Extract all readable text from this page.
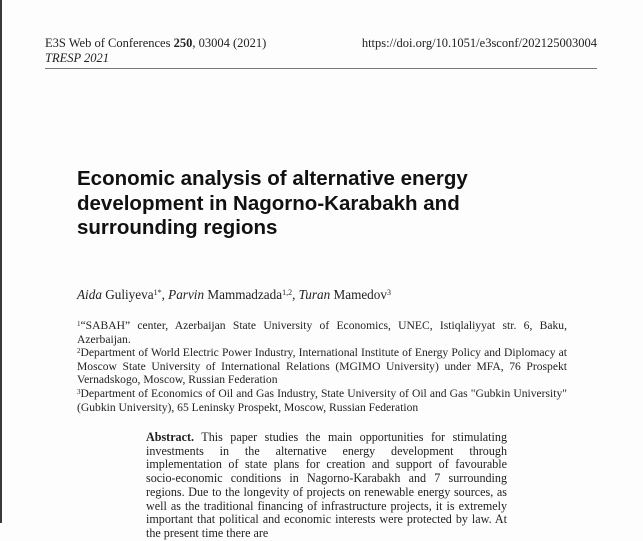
E3S Web of Conferences 250, 03004 (2021)
TRESP 2021
https://doi.org/10.1051/e3sconf/202125003004
Economic analysis of alternative energy development in Nagorno-Karabakh and surrounding regions
Aida Guliyeva$^{1*}$, Parvin Mammadzada$^{1,2}$, Turan Mamedov$^3$

$^1$“SABAH” center, Azerbaijan State University of Economics, UNEC, Istiqlaliyyat str. 6, Baku, Azerbaijan.

$^2$Department of World Electric Power Industry, International Institute of Energy Policy and Diplomacy at Moscow State University of International Relations (MGIMO University) under MFA, 76 Prospekt Vernadskogo, Moscow, Russian Federation

$^3$Department of Economics of Oil and Gas Industry, State University of Oil and Gas "Gubkin University" (Gubkin University), 65 Leninsky Prospekt, Moscow, Russian Federation

Abstract. This paper studies the main opportunities for stimulating investments in the alternative energy development through implementation of state plans for creation and support of favourable socio-economic conditions in Nagorno-Karabakh and 7 surrounding regions. Due to the longevity of projects on renewable energy sources, as well as the traditional financing of infrastructure projects, it is extremely important that political and economic interests were protected by law. At the present time there are
